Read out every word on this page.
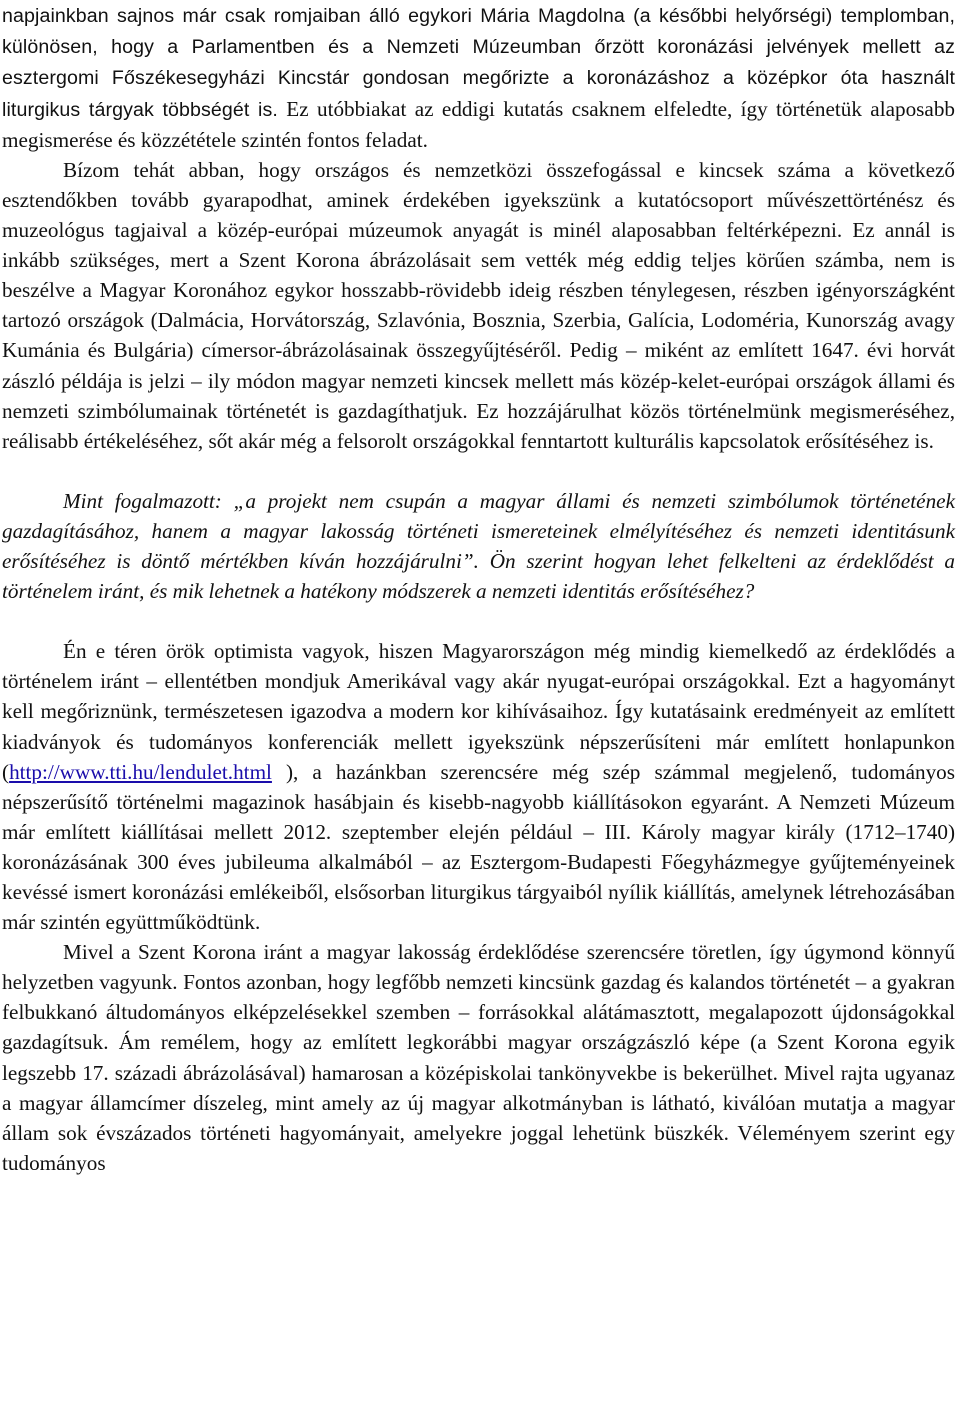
napjainkban sajnos már csak romjaiban álló egykori Mária Magdolna (a későbbi helyőrségi) templomban, különösen, hogy a Parlamentben és a Nemzeti Múzeumban őrzött koronázási jelvények mellett az esztergomi Főszékesegyházi Kincstár gondosan megőrizte a koronázáshoz a középkor óta használt liturgikus tárgyak többségét is. Ez utóbbiakat az eddigi kutatás csaknem elfeledte, így történetük alaposabb megismerése és közzététele szintén fontos feladat.

Bízom tehát abban, hogy országos és nemzetközi összefogással e kincsek száma a következő esztendőkben tovább gyarapodhat, aminek érdekében igyekszünk a kutatócsoport művészettörténész és muzeológus tagjaival a közép-európai múzeumok anyagát is minél alaposabban feltérképezni. Ez annál is inkább szükséges, mert a Szent Korona ábrázolásait sem vették még eddig teljes körűen számba, nem is beszélve a Magyar Koronához egykor hosszabb-rövidebb ideig részben ténylegesen, részben igényországként tartozó országok (Dalmácia, Horvátország, Szlavónia, Bosznia, Szerbia, Galícia, Lodoméria, Kunország avagy Kumánia és Bulgária) címersor-ábrázolásainak összegyűjtéséről. Pedig – miként az említett 1647. évi horvát zászló példája is jelzi – ily módon magyar nemzeti kincsek mellett más közép-kelet-európai országok állami és nemzeti szimbólumainak történetét is gazdagíthatjuk. Ez hozzájárulhat közös történelmünk megismeréséhez, reálisabb értékeléséhez, sőt akár még a felsorolt országokkal fenntartott kulturális kapcsolatok erősítéséhez is.

Mint fogalmazott: „a projekt nem csupán a magyar állami és nemzeti szimbólumok történetének gazdagításához, hanem a magyar lakosság történeti ismereteinek elmélyítéséhez és nemzeti identitásunk erősítéséhez is döntő mértékben kíván hozzájárulni”. Ön szerint hogyan lehet felkelteni az érdeklődést a történelem iránt, és mik lehetnek a hatékony módszerek a nemzeti identitás erősítéséhez?

Én e téren örök optimista vagyok, hiszen Magyarországon még mindig kiemelkedő az érdeklődés a történelem iránt – ellentétben mondjuk Amerikával vagy akár nyugat-európai országokkal. Ezt a hagyományt kell megőriznünk, természetesen igazodva a modern kor kihívásaihoz. Így kutatásaink eredményeit az említett kiadványok és tudományos konferenciák mellett igyekszünk népszerűsíteni már említett honlapunkon (http://www.tti.hu/lendulet.html ), a hazánkban szerencsére még szép számmal megjelenő, tudományos népszerűsítő történelmi magazinok hasábjain és kisebb-nagyobb kiállításokon egyaránt. A Nemzeti Múzeum már említett kiállításai mellett 2012. szeptember elején például – III. Károly magyar király (1712–1740) koronázásának 300 éves jubileuma alkalmából – az Esztergom-Budapesti Főegyházmegye gyűjteményeinek kevéssé ismert koronázási emlékeiből, elsősorban liturgikus tárgyaiból nyílik kiállítás, amelynek létrehozásában már szintén együttműködtünk.

Mivel a Szent Korona iránt a magyar lakosság érdeklődése szerencsére töretlen, így úgymond könnyű helyzetben vagyunk. Fontos azonban, hogy legfőbb nemzeti kincsünk gazdag és kalandos történetét – a gyakran felbukkanó áltudományos elképzelésekkel szemben – forrásokkal alátámasztott, megalapozott újdonságokkal gazdagítsuk. Ám remélem, hogy az említett legkorábbi magyar országzászló képe (a Szent Korona egyik legszebb 17. századi ábrázolásával) hamarosan a középiskolai tankönyvekbe is bekerülhet. Mivel rajta ugyanaz a magyar államcímer díszeleg, mint amely az új magyar alkotmányban is látható, kiválóan mutatja a magyar állam sok évszázados történeti hagyományait, amelyekre joggal lehetünk büszkék. Véleményem szerint egy tudományos
